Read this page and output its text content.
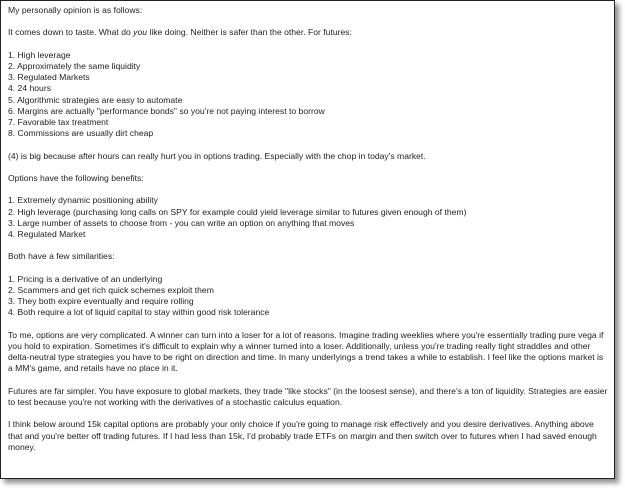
My personally opinion is as follows:

It comes down to taste. What do you like doing. Neither is safer than the other. For futures:

1. High leverage
2. Approximately the same liquidity
3. Regulated Markets
4. 24 hours
5. Algorithmic strategies are easy to automate
6. Margins are actually "performance bonds" so you're not paying interest to borrow
7. Favorable tax treatment
8. Commissions are usually dirt cheap

(4) is big because after hours can really hurt you in options trading. Especially with the chop in today's market.

Options have the following benefits:

1. Extremely dynamic positioning ability
2. High leverage (purchasing long calls on SPY for example could yield leverage similar to futures given enough of them)
3. Large number of assets to choose from - you can write an option on anything that moves
4. Regulated Market

Both have a few similarities:

1. Pricing is a derivative of an underlying
2. Scammers and get rich quick schemes exploit them
3. They both expire eventually and require rolling
4. Both require a lot of liquid capital to stay within good risk tolerance

To me, options are very complicated. A winner can turn into a loser for a lot of reasons. Imagine trading weeklies where you're essentially trading pure vega if you hold to expiration. Sometimes it's difficult to explain why a winner turned into a loser. Additionally, unless you're trading really tight straddles and other delta-neutral type strategies you have to be right on direction and time. In many underlyings a trend takes a while to establish. I feel like the options market is a MM's game, and retails have no place in it.

Futures are far simpler. You have exposure to global markets, they trade "like stocks" (in the loosest sense), and there's a ton of liquidity. Strategies are easier to test because you're not working with the derivatives of a stochastic calculus equation.

I think below around 15k capital options are probably your only choice if you're going to manage risk effectively and you desire derivatives. Anything above that and you're better off trading futures. If I had less than 15k, I'd probably trade ETFs on margin and then switch over to futures when I had saved enough money.
